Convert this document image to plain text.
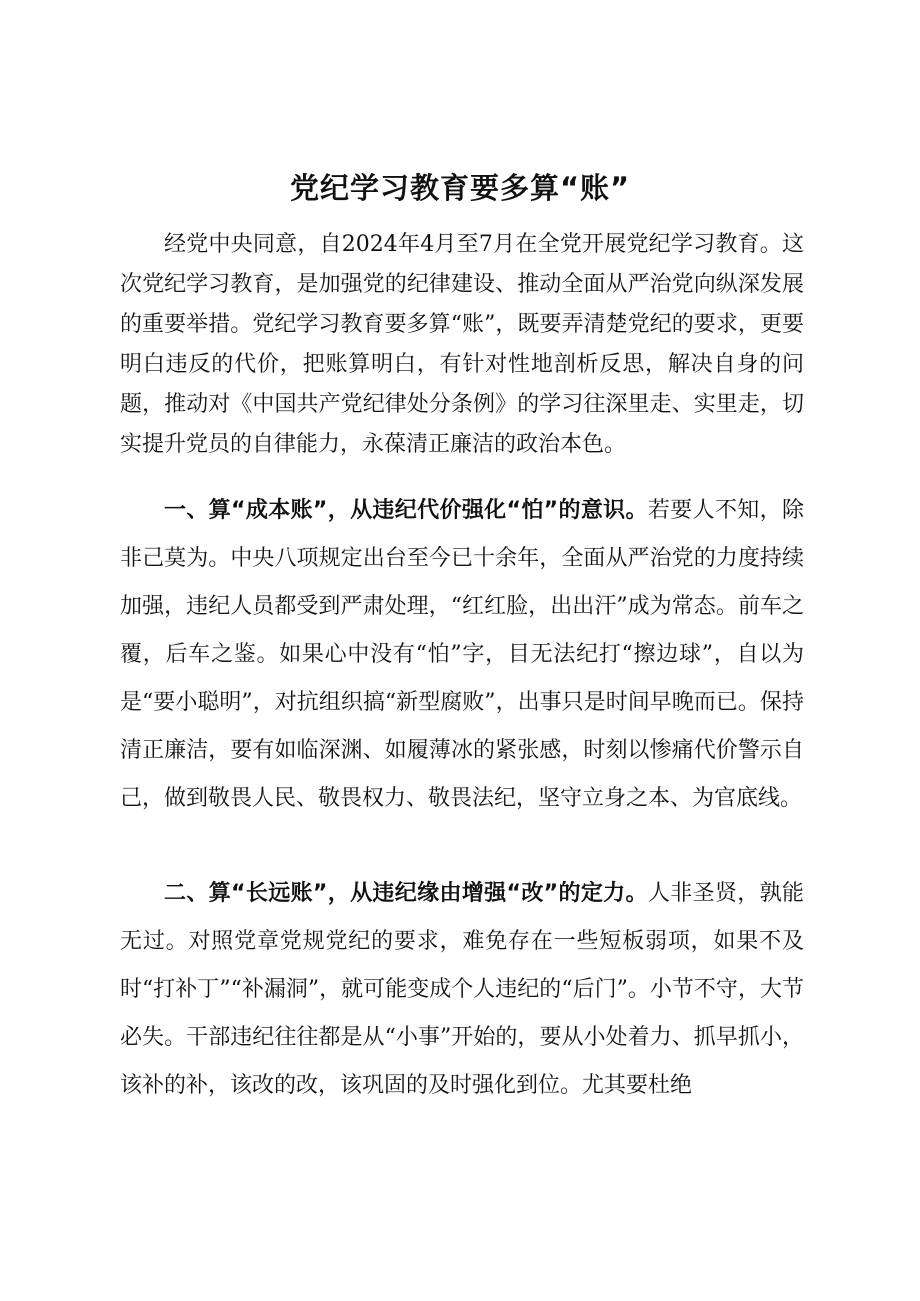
党纪学习教育要多算“账”

经党中央同意，自2024年4月至7月在全党开展党纪学习教育。这次党纪学习教育，是加强党的纪律建设、推动全面从严治党向纵深发展的重要举措。党纪学习教育要多算“账”，既要弄清楚党纪的要求，更要明白违反的代价，把账算明白，有针对性地剖析反思，解决自身的问题，推动对《中国共产党纪律处分条例》的学习往深里走、实里走，切实提升党员的自律能力，永葆清正廉洁的政治本色。

一、算“成本账”，从违纪代价强化“怕”的意识。若要人不知，除非己莫为。中央八项规定出台至今已十余年，全面从严治党的力度持续加强，违纪人员都受到严肃处理，“红红脸，出出汗”成为常态。前车之覆，后车之鉴。如果心中没有“怕”字，目无法纪打“擦边球”，自以为是“要小聪明”，对抗组织搞“新型腐败”，出事只是时间早晚而已。保持清正廉洁，要有如临深渊、如履薄冰的紧张感，时刻以惨痛代价警示自己，做到敬畏人民、敬畏权力、敬畏法纪，坚守立身之本、为官底线。

二、算“长远账”，从违纪缘由增强“改”的定力。人非圣贤，孰能无过。对照党章党规党纪的要求，难免存在一些短板弱项，如果不及时“打补丁”“补漏洞”，就可能变成个人违纪的“后门”。小节不守，大节必失。干部违纪往往都是从“小事”开始的，要从小处着力、抓早抓小，该补的补，该改的改，该巩固的及时强化到位。尤其要杜绝
